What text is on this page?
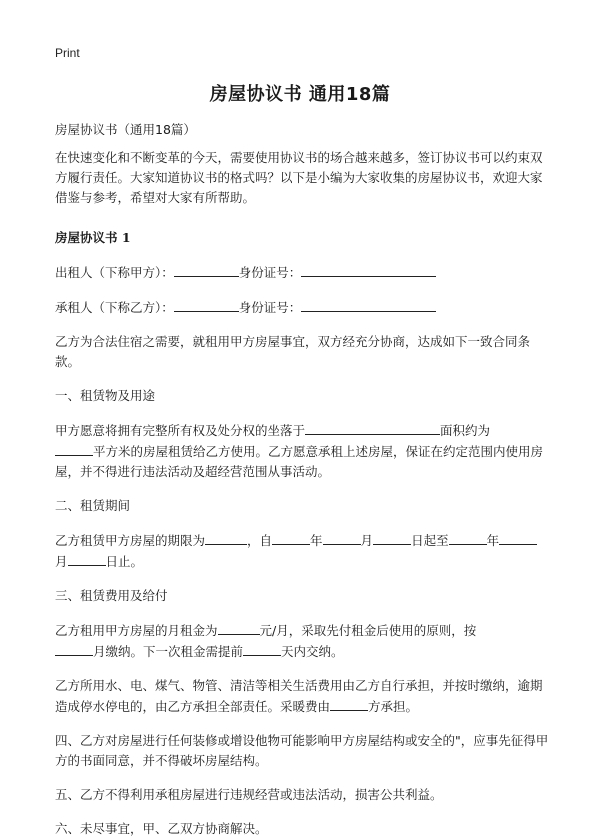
Print
房屋协议书 通用18篇

房屋协议书（通用18篇）

在快速变化和不断变革的今天，需要使用协议书的场合越来越多，签订协议书可以约束双方履行责任。大家知道协议书的格式吗？以下是小编为大家收集的房屋协议书，欢迎大家借鉴与参考，希望对大家有所帮助。

房屋协议书 1

出租人（下称甲方）：	身份证号：

承租人（下称乙方）：	身份证号：

乙方为合法住宿之需要，就租用甲方房屋事宜，双方经充分协商，达成如下一致合同条款。

一、租赁物及用途

甲方愿意将拥有完整所有权及处分权的坐落于	面积约为
平方米的房屋租赁给乙方使用。乙方愿意承租上述房屋，保证在约定范围内使用房屋，并不得进行违法活动及超经营范围从事活动。

二、租赁期间

乙方租赁甲方房屋的期限为	，自	年	月	日起至	年
月	日止。

三、租赁费用及给付

乙方租用甲方房屋的月租金为	元/月，采取先付租金后使用的原则，按
月缴纳。下一次租金需提前	天内交纳。

乙方所用水、电、煤气、物管、清洁等相关生活费用由乙方自行承担，并按时缴纳，逾期造成停水停电的，由乙方承担全部责任。采暖费由	方承担。

四、乙方对房屋进行任何装修或增设他物可能影响甲方房屋结构或安全的"，应事先征得甲方的书面同意，并不得破坏房屋结构。

五、乙方不得利用承租房屋进行违规经营或违法活动，损害公共利益。

六、未尽事宜，甲、乙双方协商解决。
